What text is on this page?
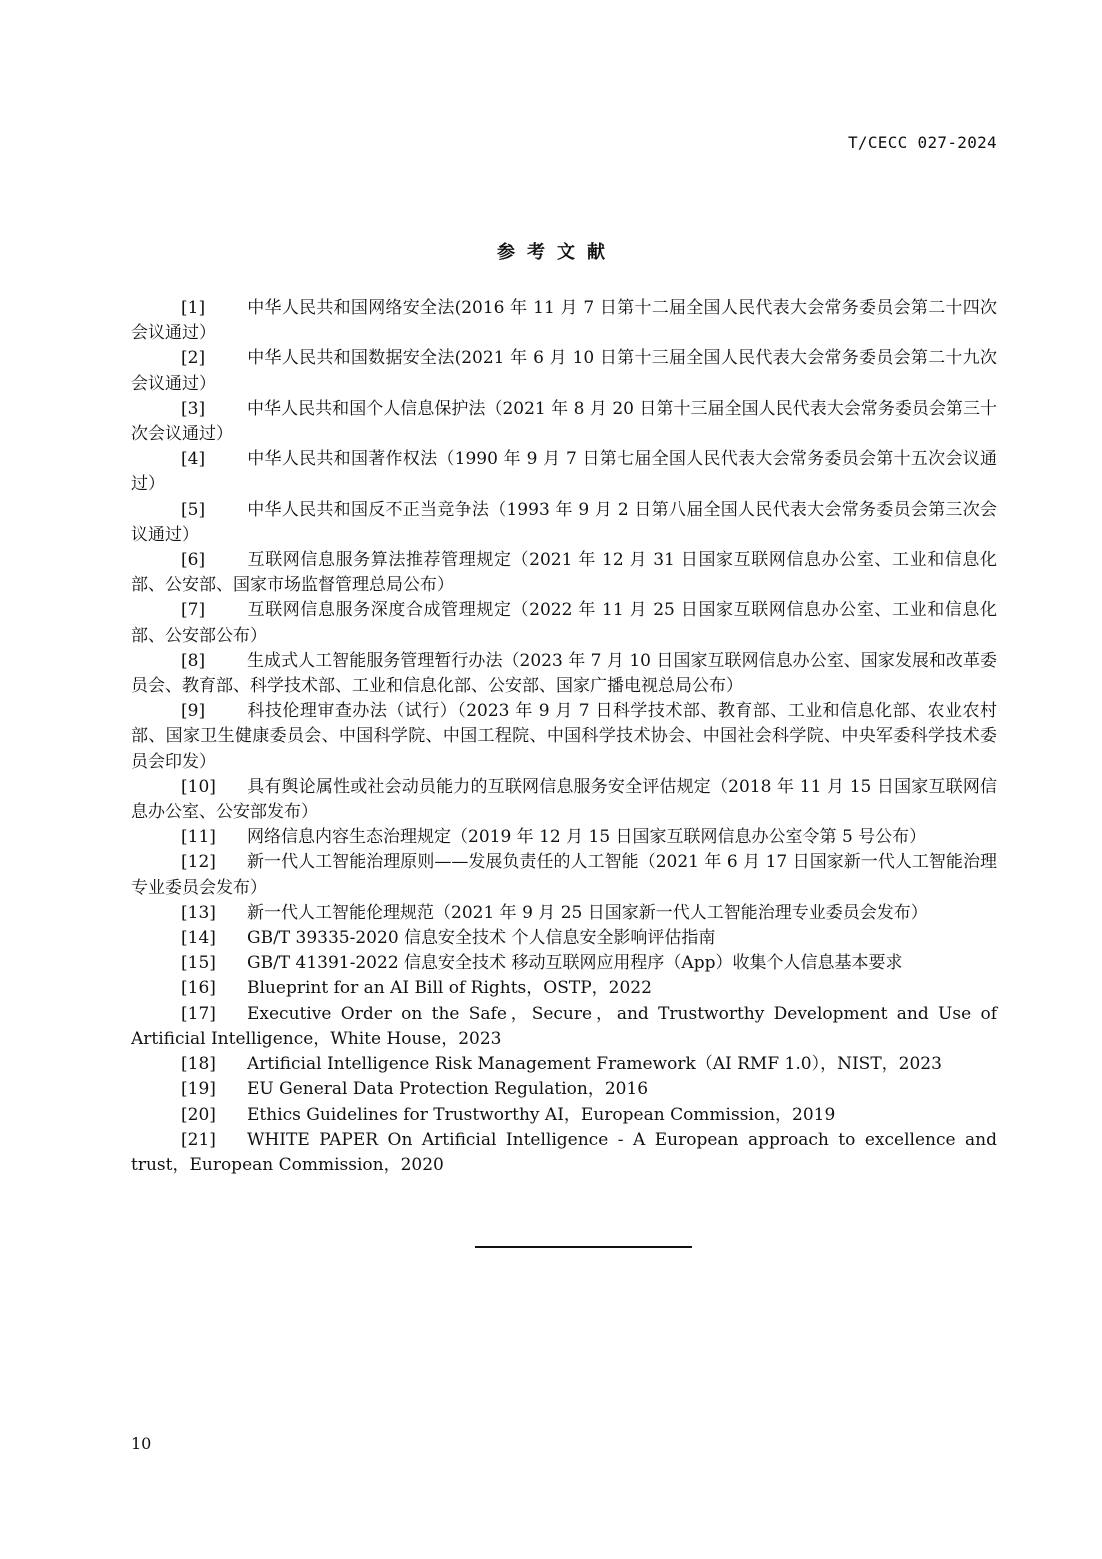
T/CECC 027-2024
参考文献

[1] 中华人民共和国网络安全法(2016 年 11 月 7 日第十二届全国人民代表大会常务委员会第二十四次会议通过）

[2] 中华人民共和国数据安全法(2021 年 6 月 10 日第十三届全国人民代表大会常务委员会第二十九次会议通过）

[3] 中华人民共和国个人信息保护法（2021 年 8 月 20 日第十三届全国人民代表大会常务委员会第三十次会议通过）

[4] 中华人民共和国著作权法（1990 年 9 月 7 日第七届全国人民代表大会常务委员会第十五次会议通过）

[5] 中华人民共和国反不正当竞争法（1993 年 9 月 2 日第八届全国人民代表大会常务委员会第三次会议通过）

[6] 互联网信息服务算法推荐管理规定（2021 年 12 月 31 日国家互联网信息办公室、工业和信息化部、公安部、国家市场监督管理总局公布）

[7] 互联网信息服务深度合成管理规定（2022 年 11 月 25 日国家互联网信息办公室、工业和信息化部、公安部公布）

[8] 生成式人工智能服务管理暂行办法（2023 年 7 月 10 日国家互联网信息办公室、国家发展和改革委员会、教育部、科学技术部、工业和信息化部、公安部、国家广播电视总局公布）

[9] 科技伦理审查办法（试行）（2023 年 9 月 7 日科学技术部、教育部、工业和信息化部、农业农村部、国家卫生健康委员会、中国科学院、中国工程院、中国科学技术协会、中国社会科学院、中央军委科学技术委员会印发）

[10] 具有舆论属性或社会动员能力的互联网信息服务安全评估规定（2018 年 11 月 15 日国家互联网信息办公室、公安部发布）

[11] 网络信息内容生态治理规定（2019 年 12 月 15 日国家互联网信息办公室令第 5 号公布）

[12] 新一代人工智能治理原则——发展负责任的人工智能（2021 年 6 月 17 日国家新一代人工智能治理专业委员会发布）

[13] 新一代人工智能伦理规范（2021 年 9 月 25 日国家新一代人工智能治理专业委员会发布）

[14] GB/T 39335-2020 信息安全技术 个人信息安全影响评估指南

[15] GB/T 41391-2022 信息安全技术 移动互联网应用程序（App）收集个人信息基本要求

[16] Blueprint for an AI Bill of Rights，OSTP，2022

[17] Executive Order on the Safe，Secure，and Trustworthy Development and Use of Artificial Intelligence，White House，2023

[18] Artificial Intelligence Risk Management Framework（AI RMF 1.0），NIST，2023

[19] EU General Data Protection Regulation，2016

[20] Ethics Guidelines for Trustworthy AI，European Commission，2019

[21] WHITE PAPER On Artificial Intelligence - A European approach to excellence and trust，European Commission，2020

10
